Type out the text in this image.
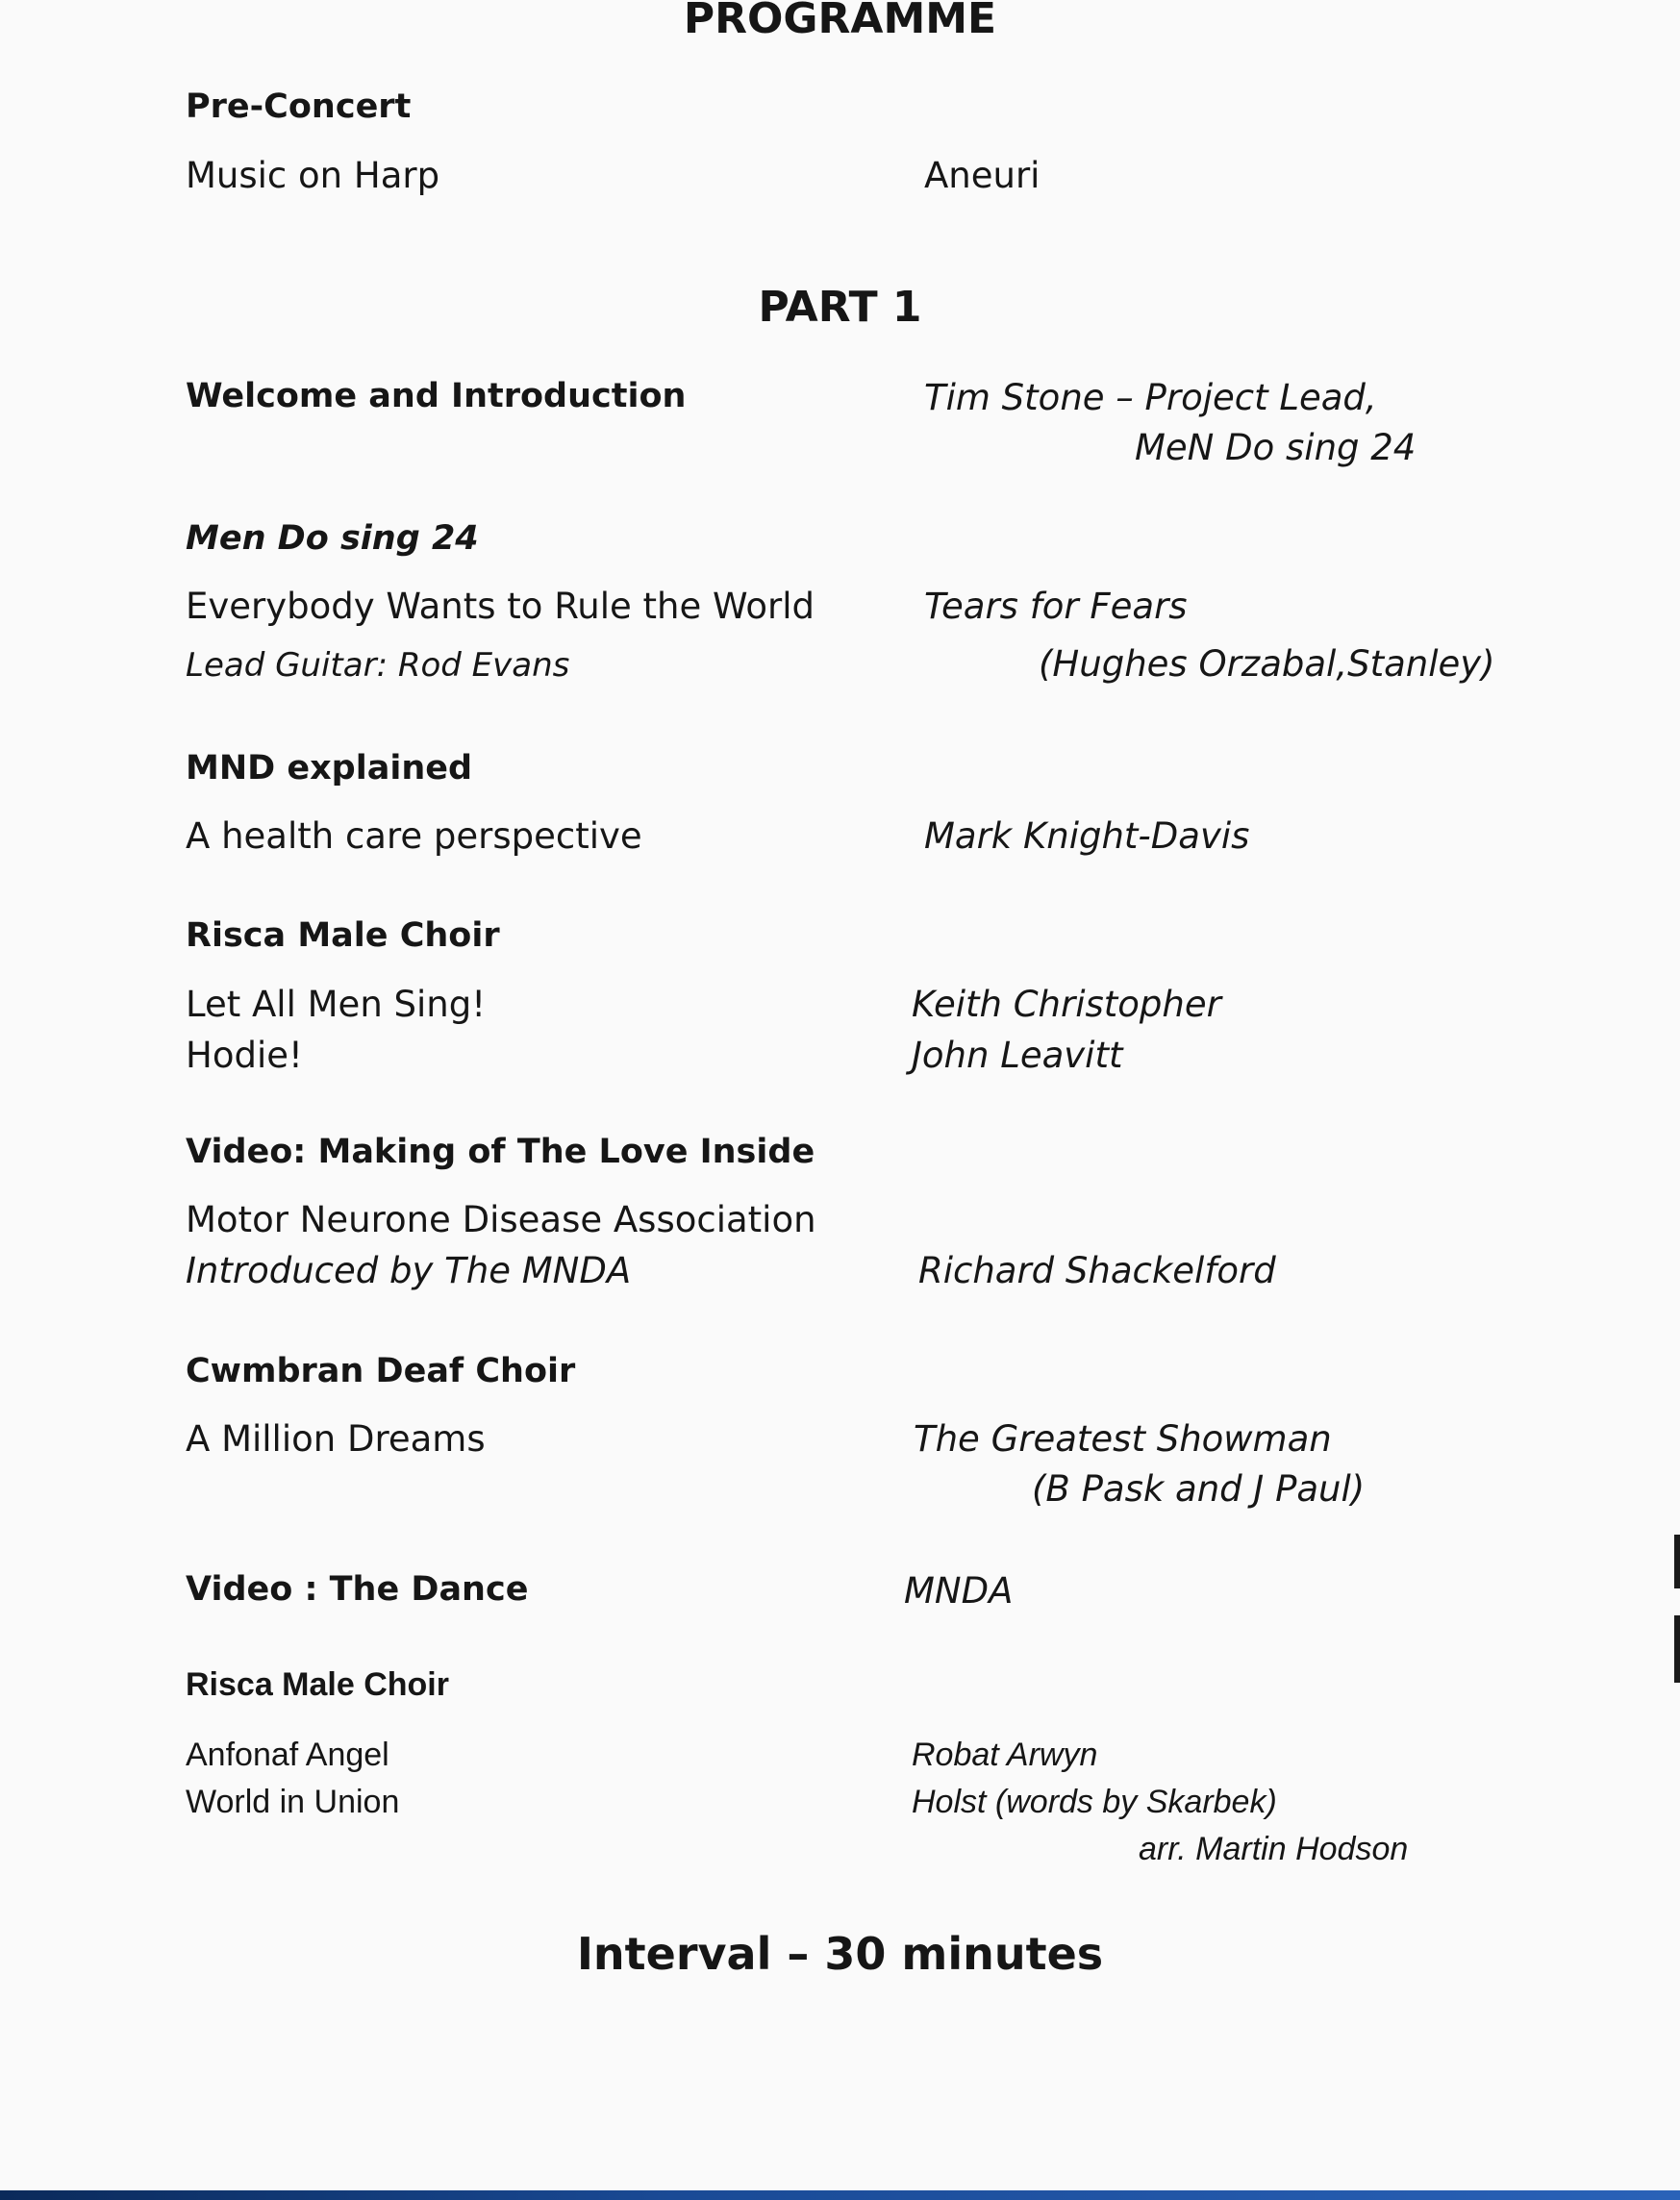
PROGRAMME
Pre-Concert
Music on Harp	Aneuri
PART 1
Welcome and Introduction	Tim Stone – Project Lead,
MeN Do sing 24
Men Do sing 24
Everybody Wants to Rule the World	Tears for Fears
Lead Guitar: Rod Evans	(Hughes Orzabal,Stanley)
MND explained
A health care perspective	Mark Knight-Davis
Risca Male Choir
Let All Men Sing!	Keith Christopher
Hodie!	John Leavitt
Video: Making of The Love Inside
Motor Neurone Disease Association
Introduced by The MNDA	Richard Shackelford
Cwmbran Deaf Choir
A Million Dreams	The Greatest Showman
(B Pask and J Paul)
Video : The Dance	MNDA
Risca Male Choir
Anfonaf Angel	Robat Arwyn
World in Union	Holst (words by Skarbek)
arr. Martin Hodson
Interval – 30 minutes
